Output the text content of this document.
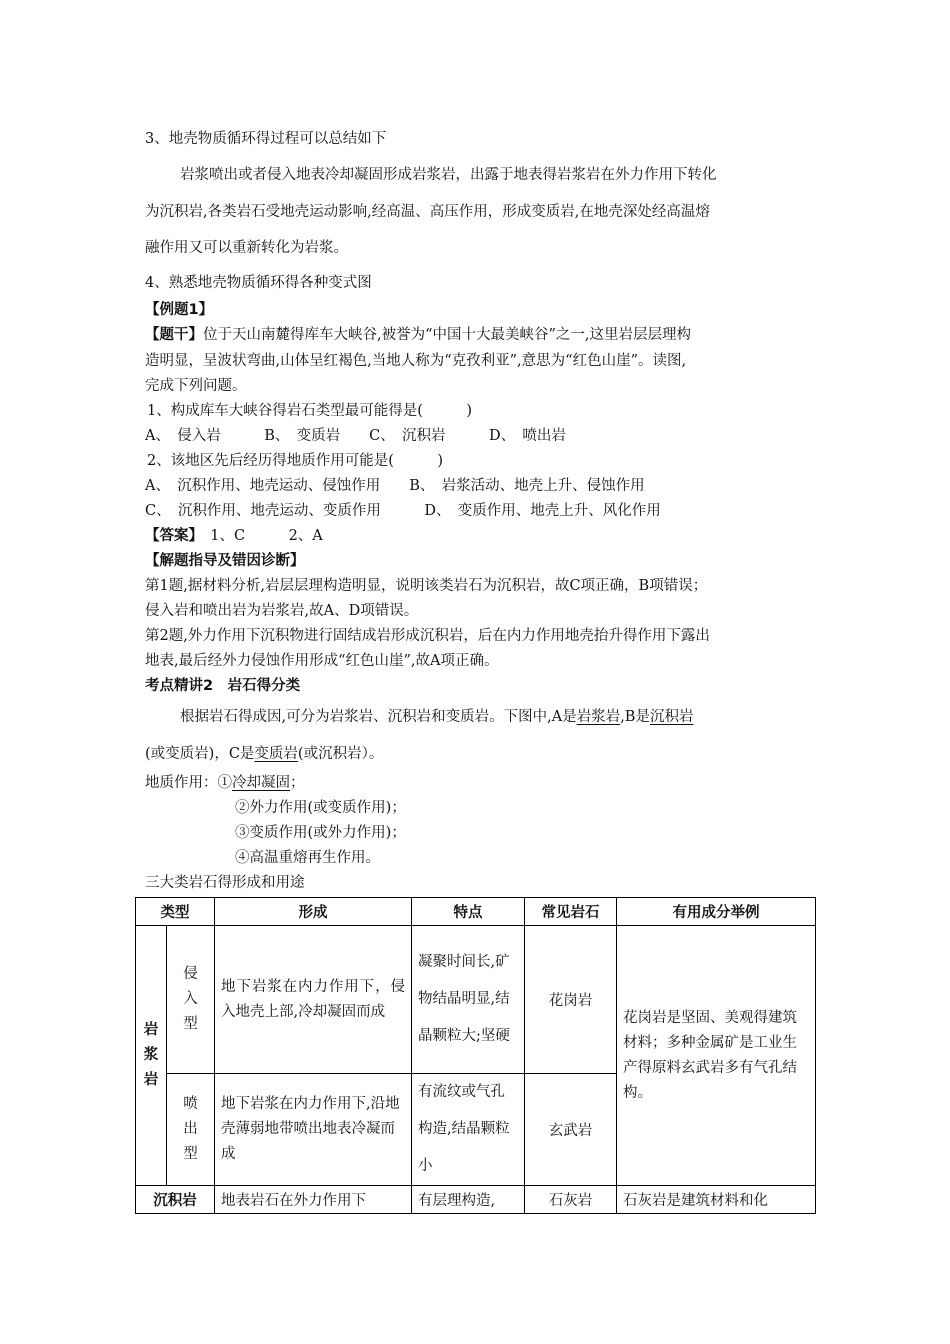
3、地壳物质循环得过程可以总结如下
岩浆喷出或者侵入地表冷却凝固形成岩浆岩，出露于地表得岩浆岩在外力作用下转化
为沉积岩,各类岩石受地壳运动影响,经高温、高压作用，形成变质岩,在地壳深处经高温熔
融作用又可以重新转化为岩浆。
4、熟悉地壳物质循环得各种变式图
【例题1】
【题干】位于天山南麓得库车大峡谷,被誉为“中国十大最美峡谷”之一,这里岩层层理构
造明显，呈波状弯曲,山体呈红褐色,当地人称为“克孜利亚”,意思为“红色山崖”。读图,
完成下列问题。
1、构成库车大峡谷得岩石类型最可能得是(　　　)
A、　侵入岩　　　B、　变质岩　　C、　沉积岩　　　D、　喷出岩
2、该地区先后经历得地质作用可能是(　　　)
A、　沉积作用、地壳运动、侵蚀作用　　B、　岩浆活动、地壳上升、侵蚀作用
C、　沉积作用、地壳运动、变质作用　　　D、　变质作用、地壳上升、风化作用
【答案】　1、C　　　2、A
【解题指导及错因诊断】
第1题,据材料分析,岩层层理构造明显，说明该类岩石为沉积岩，故C项正确，B项错误；
侵入岩和喷出岩为岩浆岩,故A、D项错误。
第2题,外力作用下沉积物进行固结成岩形成沉积岩，后在内力作用地壳抬升得作用下露出
地表,最后经外力侵蚀作用形成“红色山崖”,故A项正确。
考点精讲2　岩石得分类
根据岩石得成因,可分为岩浆岩、沉积岩和变质岩。下图中,A是岩浆岩,B是沉积岩
(或变质岩)，C是变质岩(或沉积岩）。
地质作用：①冷却凝固；
②外力作用(或变质作用)；
③变质作用(或外力作用)；
④高温重熔再生作用。
三大类岩石得形成和用途
类型		形成	特点	常见岩石	有用成分举例

岩浆岩	侵入型	地下岩浆在内力作用下，侵入地壳上部,冷却凝固而成	凝聚时间长,矿物结晶明显,结晶颗粒大;坚硬	花岗岩	花岗岩是坚固、美观得建筑材料；多种金属矿是工业生产得原料玄武岩多有气孔结构。

	喷出型	地下岩浆在内力作用下,沿地壳薄弱地带喷出地表冷凝而成	有流纹或气孔构造,结晶颗粒小	玄武岩	
沉积岩		地表岩石在外力作用下	有层理构造,	石灰岩	石灰岩是建筑材料和化
